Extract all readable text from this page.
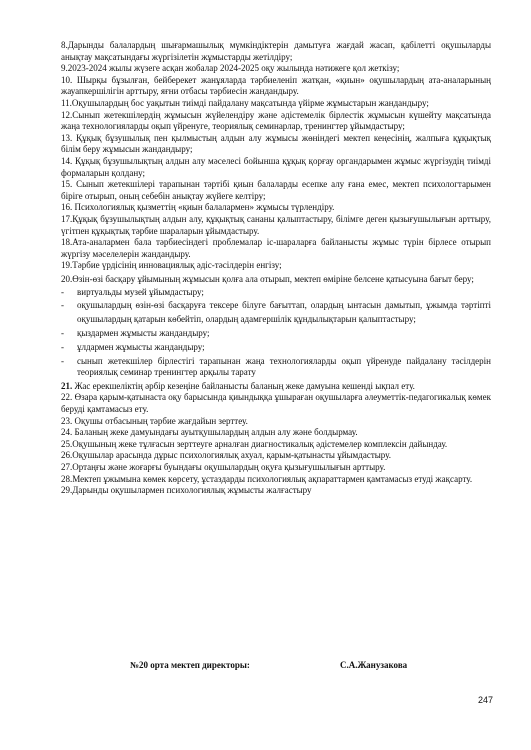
8.Дарынды балалардың шығармашылық мүмкіндіктерін дамытуға жағдай жасап, қабілетті оқушыларды анықтау мақсатындағы жүргізілетін жұмыстарды жетілдіру;

9.2023-2024 жылы жүзеге асқан жобалар 2024-2025 оқу жылында нәтижеге қол жеткізу;

10. Шырқы бұзылған, бейберекет жанұяларда тәрбиеленіп жатқан, «қиын» оқушылардың ата-аналарының жауапкершілігін арттыру, яғни отбасы тәрбиесін жандандыру.

11.Оқушылардың бос уақытын тиімді пайдалану мақсатында үйірме жұмыстарын жандандыру;

12.Сынып жетекшілердің жұмысын жүйелендіру және әдістемелік бірлестік жұмысын күшейту мақсатында жаңа технологияларды оқып үйренуге, теориялық семинарлар, тренингтер ұйымдастыру;

13. Құқық бұзушылық пен қылмыстың алдын алу жұмысы жөніндегі мектеп кеңесінің, жалпыға құқықтық білім беру жұмысын жандандыру;

14. Құқық бұзушылықтың алдын алу мәселесі бойынша құқық қорғау органдарымен жұмыс жүргізудің тиімді формаларын қолдану;

15. Сынып жетекшілері тарапынан тәртібі қиын балаларды есепке алу ғана емес, мектеп психологтарымен біріге отырып, оның себебін анықтау жүйеге келтіру;

16. Психологиялық қызметтің «қиын балалармен» жұмысы түрлендіру.

17.Құқық бұзушылықтың алдын алу, құқықтық сананы қалыптастыру, білімге деген қызығушылығын арттыру, үгітпен құқықтық тәрбие шараларын ұйымдастыру.

18.Ата-аналармен бала тәрбиесіндегі проблемалар іс-шараларға байланысты жұмыс түрін бірлесе отырып жүргізу мәселелерін жандандыру.

19.Тәрбие үрдісінің инновациялық әдіс-тәсілдерін енгізу;

20.Өзін-өзі басқару ұйымының жұмысын қолға ала отырып, мектеп өміріне белсене қатысуына бағыт беру;

-	виртуальды музей ұйымдастыру;
-	оқушылардың өзін-өзі басқаруға тексере білуге бағыттап, олардың ынтасын дамытып, ұжымда тәртіпті оқушылардың қатарын көбейтіп, олардың адамгершілік құндылықтарын қалыптастыру;
-	қыздармен жұмысты жандандыру;
-	ұлдармен жұмысты жандандыру;
-	сынып жетекшілер бірлестігі тарапынан жаңа технологияларды оқып үйренуде пайдалану тәсілдерін теориялық семинар тренингтер арқылы тарату

21. Жас ерекшеліктің әрбір кезеңіне байланысты баланың жеке дамуына кешенді ықпал ету.

22. Өзара қарым-қатынаста оқу барысында қиындыққа ұшыраған оқушыларға әлеуметтік-педагогикалық көмек беруді қамтамасыз ету.

23. Оқушы отбасының тәрбие жағдайын зерттеу.

24. Баланың жеке дамуындағы ауытқушылардың алдын алу және болдырмау.

25.Оқушының жеке тұлғасын зерттеуге арналған диагностикалық әдістемелер комплексін дайындау.

26.Оқушылар арасында дұрыс психологиялық ахуал, қарым-қатынасты ұйымдастыру.

27.Ортаңғы және жоғарғы буындағы оқушылардың оқуға қызығушылығын арттыру.

28.Мектеп ұжымына көмек көрсету, ұстаздарды психологиялық ақпараттармен қамтамасыз етуді жақсарту.

29.Дарынды оқушылармен психологиялық жұмысты жалғастыру

№20 орта мектеп директоры:	С.А.Жанузакова
247
